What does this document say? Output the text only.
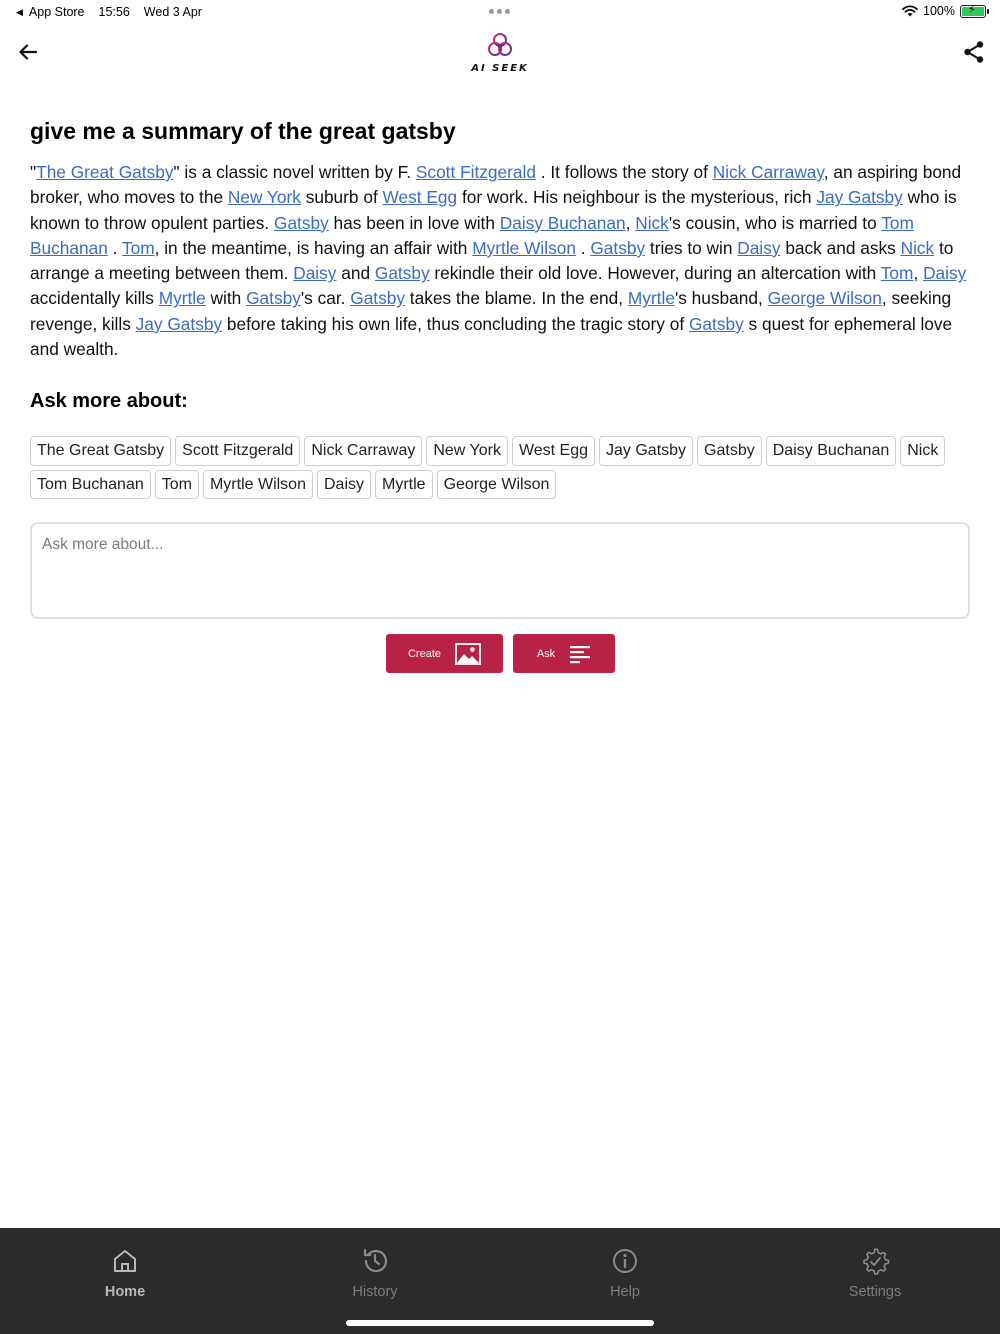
◀ App Store 15:56 Wed 3 Apr	100% ⚡
AI SEEK
give me a summary of the great gatsby

"The Great Gatsby" is a classic novel written by F. Scott Fitzgerald . It follows the story of Nick Carraway, an aspiring bond broker, who moves to the New York suburb of West Egg for work. His neighbour is the mysterious, rich Jay Gatsby who is known to throw opulent parties. Gatsby has been in love with Daisy Buchanan, Nick's cousin, who is married to Tom Buchanan . Tom, in the meantime, is having an affair with Myrtle Wilson . Gatsby tries to win Daisy back and asks Nick to arrange a meeting between them. Daisy and Gatsby rekindle their old love. However, during an altercation with Tom, Daisy accidentally kills Myrtle with Gatsby's car. Gatsby takes the blame. In the end, Myrtle's husband, George Wilson, seeking revenge, kills Jay Gatsby before taking his own life, thus concluding the tragic story of Gatsby s quest for ephemeral love and wealth.

Ask more about:
The Great Gatsby	Scott Fitzgerald	Nick Carraway	New York	West Egg	Jay Gatsby	Gatsby	Daisy Buchanan	Nick
Tom Buchanan	Tom	Myrtle Wilson	Daisy	Myrtle	George Wilson
Ask more about...
Create	Ask
Home	History	Help	Settings
